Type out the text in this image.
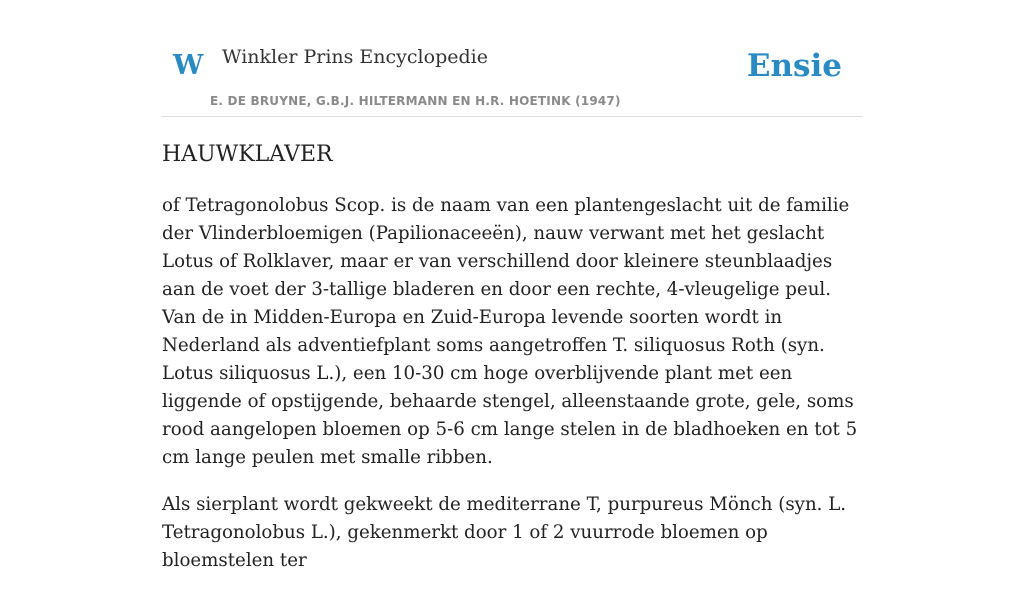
W Winkler Prins Encyclopedie
E. DE BRUYNE, G.B.J. HILTERMANN EN H.R. HOETINK (1947)
Ensie
HAUWKLAVER

of Tetragonolobus Scop. is de naam van een plantengeslacht uit de familie der Vlinderbloemigen (Papilionaceeën), nauw verwant met het geslacht Lotus of Rolklaver, maar er van verschillend door kleinere steunblaadjes aan de voet der 3-tallige bladeren en door een rechte, 4-vleugelige peul. Van de in Midden-Europa en Zuid-Europa levende soorten wordt in Nederland als adventiefplant soms aangetroffen T. siliquosus Roth (syn. Lotus siliquosus L.), een 10-30 cm hoge overblijvende plant met een liggende of opstijgende, behaarde stengel, alleenstaande grote, gele, soms rood aangelopen bloemen op 5-6 cm lange stelen in de bladhoeken en tot 5 cm lange peulen met smalle ribben.

Als sierplant wordt gekweekt de mediterrane T, purpureus Mönch (syn. L. Tetragonolobus L.), gekenmerkt door 1 of 2 vuurrode bloemen op bloemstelen ter
